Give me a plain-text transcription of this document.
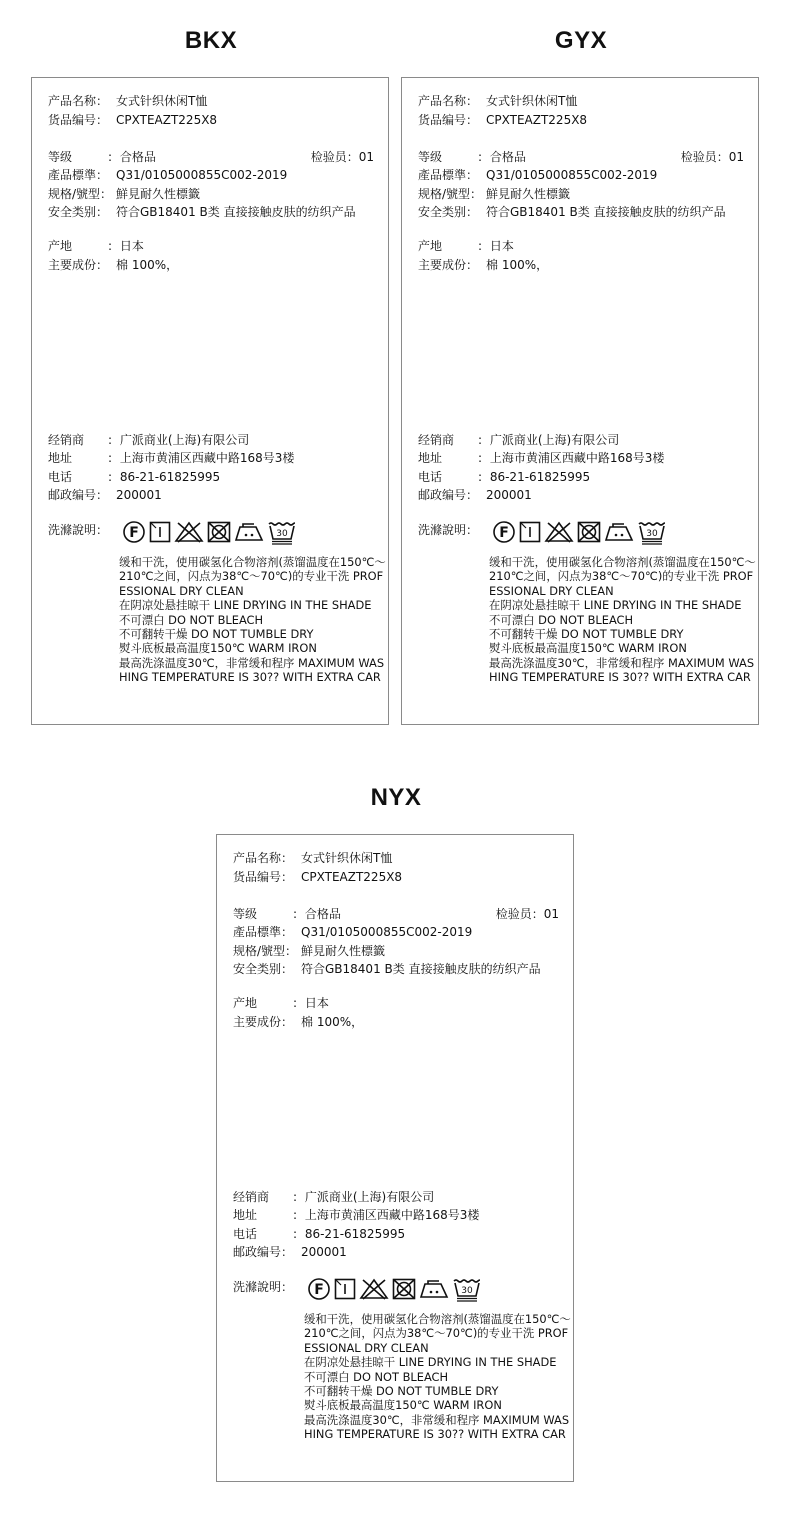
BKX
产品名称： 女式针织休闲T恤
货品编号： CPXTEAZT225X8
等级	: 合格品	检验员：01
產品標準： Q31/0105000855C002-2019
规格/號型： 鮮見耐久性標籤
安全类别： 符合GB18401 B类 直接接触皮肤的纺织产品
产地	: 日本
主要成份： 棉 100%，
经销商 : 广派商业(上海)有限公司
地址	: 上海市黄浦区西藏中路168号3楼
电话	: 86-21-61825995
邮政编号： 200001
洗滌說明： F	30
缓和干洗，使用碳氢化合物溶剂(蒸馏温度在150℃～210℃之间，闪点为38℃～70℃)的专业干洗 PROFESSIONAL DRY CLEAN
在阴凉处悬挂晾干 LINE DRYING IN THE SHADE
不可漂白 DO NOT BLEACH
不可翻转干燥 DO NOT TUMBLE DRY
熨斗底板最高温度150℃ WARM IRON
最高洗涤温度30℃，非常缓和程序 MAXIMUM WASHING TEMPERATURE IS 30?? WITH EXTRA CAR
GYX
产品名称： 女式针织休闲T恤
货品编号： CPXTEAZT225X8
等级	: 合格品	检验员：01
產品標準： Q31/0105000855C002-2019
规格/號型： 鮮見耐久性標籤
安全类别： 符合GB18401 B类 直接接触皮肤的纺织产品
产地	: 日本
主要成份： 棉 100%，
经销商 : 广派商业(上海)有限公司
地址	: 上海市黄浦区西藏中路168号3楼
电话	: 86-21-61825995
邮政编号： 200001
洗滌說明： F	30
缓和干洗，使用碳氢化合物溶剂(蒸馏温度在150℃～210℃之间，闪点为38℃～70℃)的专业干洗 PROFESSIONAL DRY CLEAN
在阴凉处悬挂晾干 LINE DRYING IN THE SHADE
不可漂白 DO NOT BLEACH
不可翻转干燥 DO NOT TUMBLE DRY
熨斗底板最高温度150℃ WARM IRON
最高洗涤温度30℃，非常缓和程序 MAXIMUM WASHING TEMPERATURE IS 30?? WITH EXTRA CAR
NYX
产品名称： 女式针织休闲T恤
货品编号： CPXTEAZT225X8
等级	: 合格品	检验员：01
產品標準： Q31/0105000855C002-2019
规格/號型： 鮮見耐久性標籤
安全类别： 符合GB18401 B类 直接接触皮肤的纺织产品
产地	: 日本
主要成份： 棉 100%，
经销商 : 广派商业(上海)有限公司
地址	: 上海市黄浦区西藏中路168号3楼
电话	: 86-21-61825995
邮政编号： 200001
洗滌說明： F	30
缓和干洗，使用碳氢化合物溶剂(蒸馏温度在150℃～210℃之间，闪点为38℃～70℃)的专业干洗 PROFESSIONAL DRY CLEAN
在阴凉处悬挂晾干 LINE DRYING IN THE SHADE
不可漂白 DO NOT BLEACH
不可翻转干燥 DO NOT TUMBLE DRY
熨斗底板最高温度150℃ WARM IRON
最高洗涤温度30℃，非常缓和程序 MAXIMUM WASHING TEMPERATURE IS 30?? WITH EXTRA CAR
